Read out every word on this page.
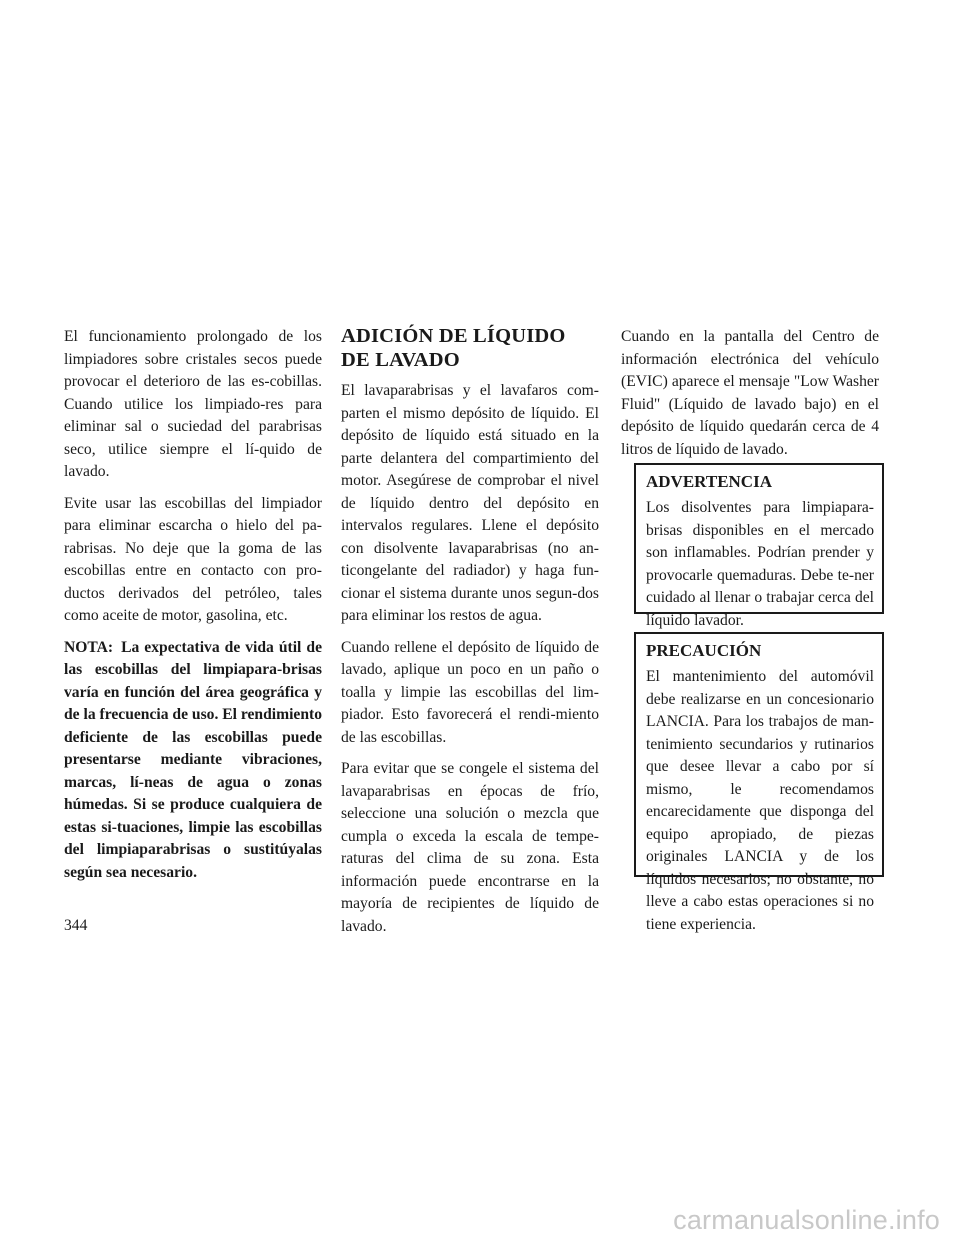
El funcionamiento prolongado de los limpiadores sobre cristales secos puede provocar el deterioro de las es-cobillas. Cuando utilice los limpiado-res para eliminar sal o suciedad del parabrisas seco, utilice siempre el lí-quido de lavado.

Evite usar las escobillas del limpiador para eliminar escarcha o hielo del pa-rabrisas. No deje que la goma de las escobillas entre en contacto con pro-ductos derivados del petróleo, tales como aceite de motor, gasolina, etc.

NOTA: La expectativa de vida útil de las escobillas del limpiapara-brisas varía en función del área geográfica y de la frecuencia de uso. El rendimiento deficiente de las escobillas puede presentarse mediante vibraciones, marcas, lí-neas de agua o zonas húmedas. Si se produce cualquiera de estas si-tuaciones, limpie las escobillas del limpiaparabrisas o sustitúyalas según sea necesario.

ADICIÓN DE LÍQUIDO DE LAVADO

El lavaparabrisas y el lavafaros com-parten el mismo depósito de líquido. El depósito de líquido está situado en la parte delantera del compartimiento del motor. Asegúrese de comprobar el nivel de líquido dentro del depósito en intervalos regulares. Llene el depósito con disolvente lavaparabrisas (no an-ticongelante del radiador) y haga fun-cionar el sistema durante unos segun-dos para eliminar los restos de agua.

Cuando rellene el depósito de líquido de lavado, aplique un poco en un paño o toalla y limpie las escobillas del lim-piador. Esto favorecerá el rendi-miento de las escobillas.

Para evitar que se congele el sistema del lavaparabrisas en épocas de frío, seleccione una solución o mezcla que cumpla o exceda la escala de tempe-raturas del clima de su zona. Esta información puede encontrarse en la mayoría de recipientes de líquido de lavado.

Cuando en la pantalla del Centro de información electrónica del vehículo (EVIC) aparece el mensaje "Low Washer Fluid" (Líquido de lavado bajo) en el depósito de líquido quedarán cerca de 4 litros de líquido de lavado.

ADVERTENCIA

Los disolventes para limpiapara-brisas disponibles en el mercado son inflamables. Podrían prender y provocarle quemaduras. Debe te-ner cuidado al llenar o trabajar cerca del líquido lavador.

PRECAUCIÓN

El mantenimiento del automóvil debe realizarse en un concesionario LANCIA. Para los trabajos de man-tenimiento secundarios y rutinarios que desee llevar a cabo por sí mismo, le recomendamos encarecidamente que disponga del equipo apropiado, de piezas originales LANCIA y de los líquidos necesarios; no obstante, no lleve a cabo estas operaciones si no tiene experiencia.

344
carmanualsonline.info
